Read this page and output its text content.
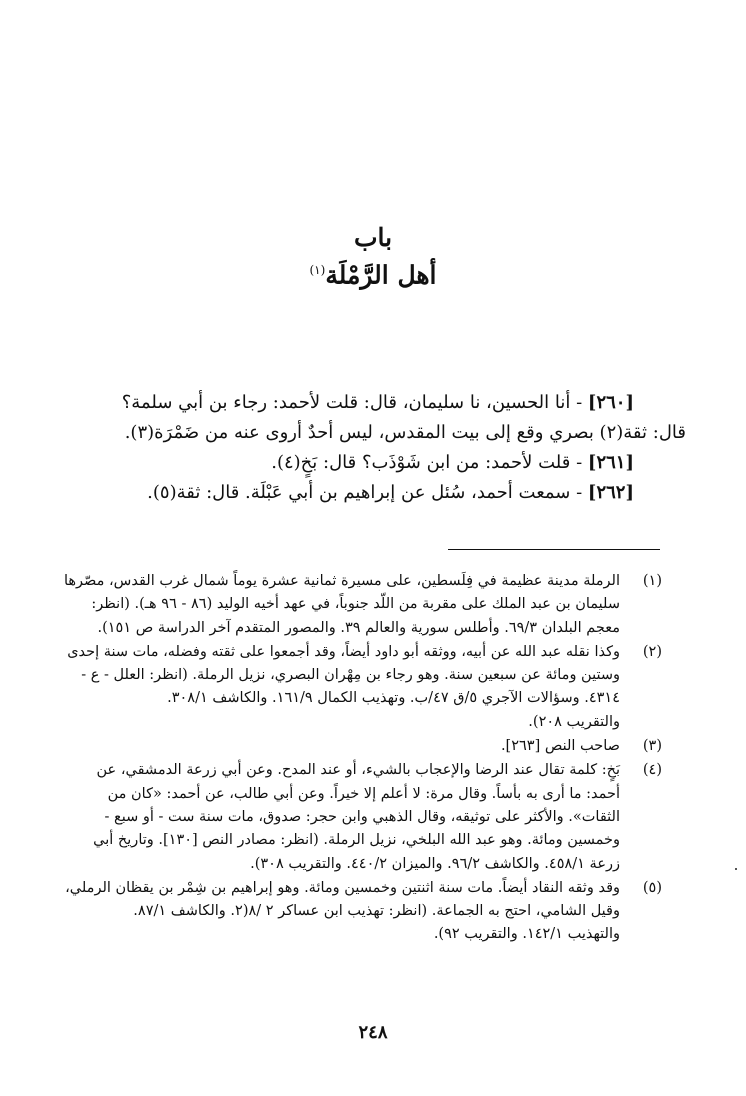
باب
أهل الرَّمْلَة$^{(١)}$
[٢٦٠] - أنا الحسين، نا سليمان، قال: قلت لأحمد: رجاء بن أبي سلمة؟
قال: ثقة(٢) بصري وقع إلى بيت المقدس، ليس أحدٌ أروى عنه من ضَمْرَة(٣).
[٢٦١] - قلت لأحمد: من ابن شَوْذَب؟ قال: بَخٍ(٤).
[٢٦٢] - سمعت أحمد، سُئل عن إبراهيم بن أبي عَبْلَة. قال: ثقة(٥).
(١)
الرملة مدينة عظيمة في فِلَسطين، على مسيرة ثمانية عشرة يوماً شمال غرب القدس، مصّرها
سليمان بن عبد الملك على مقربة من اللّد جنوباً، في عهد أخيه الوليد (٨٦ - ٩٦ هـ). (انظر:
معجم البلدان ٦٩/٣. وأطلس سورية والعالم ٣٩. والمصور المتقدم آخر الدراسة ص ١٥١).
(٢)
وكذا نقله عبد الله عن أبيه، ووثقه أبو داود أيضاً، وقد أجمعوا على ثقته وفضله، مات سنة إحدى
وستين ومائة عن سبعين سنة. وهو رجاء بن مِهْران البصري، نزيل الرملة. (انظر: العلل - ع -
٤٣١٤. وسؤالات الآجري ٥/ق ٤٧/ب. وتهذيب الكمال ١٦١/٩. والكاشف ٣٠٨/١.
والتقريب ٢٠٨).
(٣)
صاحب النص [٢٦٣].
(٤)
بَخٍ: كلمة تقال عند الرضا والإعجاب بالشيء، أو عند المدح. وعن أبي زرعة الدمشقي، عن
أحمد: ما أرى به بأساً. وقال مرة: لا أعلم إلا خيراً. وعن أبي طالب، عن أحمد: «كان من
الثقات». والأكثر على توثيقه، وقال الذهبي وابن حجر: صدوق، مات سنة ست - أو سبع -
وخمسين ومائة. وهو عبد الله البلخي، نزيل الرملة. (انظر: مصادر النص [١٣٠]. وتاريخ أبي
زرعة ٤٥٨/١. والكاشف ٩٦/٢. والميزان ٤٤٠/٢. والتقريب ٣٠٨).
(٥)
وقد وثقه النقاد أيضاً. مات سنة اثنتين وخمسين ومائة. وهو إبراهيم بن شِمْر بن يقظان الرملي،
وقيل الشامي، احتج به الجماعة. (انظر: تهذيب ابن عساكر ٢ /٨(٢. والكاشف ٨٧/١.
والتهذيب ١٤٢/١. والتقريب ٩٢).
٢٤٨
